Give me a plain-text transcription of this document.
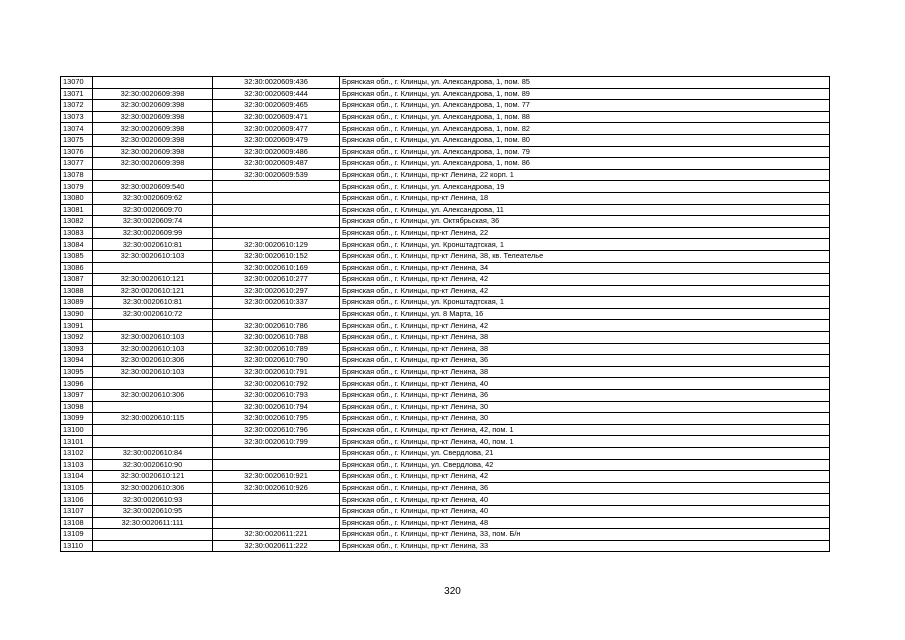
13070		32:30:0020609:436	Брянская обл., г. Клинцы, ул. Александрова, 1, пом. 85
13071	32:30:0020609:398	32:30:0020609:444	Брянская обл., г. Клинцы, ул. Александрова, 1, пом. 89
13072	32:30:0020609:398	32:30:0020609:465	Брянская обл., г. Клинцы, ул. Александрова, 1, пом. 77
13073	32:30:0020609:398	32:30:0020609:471	Брянская обл., г. Клинцы, ул. Александрова, 1, пом. 88
13074	32:30:0020609:398	32:30:0020609:477	Брянская обл., г. Клинцы, ул. Александрова, 1, пом. 82
13075	32:30:0020609:398	32:30:0020609:479	Брянская обл., г. Клинцы, ул. Александрова, 1, пом. 80
13076	32:30:0020609:398	32:30:0020609:486	Брянская обл., г. Клинцы, ул. Александрова, 1, пом. 79
13077	32:30:0020609:398	32:30:0020609:487	Брянская обл., г. Клинцы, ул. Александрова, 1, пом. 86
13078		32:30:0020609:539	Брянская обл., г. Клинцы, пр-кт Ленина, 22 корп. 1
13079	32:30:0020609:540		Брянская обл., г. Клинцы, ул. Александрова, 19
13080	32:30:0020609:62		Брянская обл., г. Клинцы, пр-кт Ленина, 18
13081	32:30:0020609:70		Брянская обл., г. Клинцы, ул. Александрова, 11
13082	32:30:0020609:74		Брянская обл., г. Клинцы, ул. Октябрьская, 36
13083	32:30:0020609:99		Брянская обл., г. Клинцы, пр-кт Ленина, 22
13084	32:30:0020610:81	32:30:0020610:129	Брянская обл., г. Клинцы, ул. Кронштадтская, 1
13085	32:30:0020610:103	32:30:0020610:152	Брянская обл., г. Клинцы, пр-кт Ленина, 38, кв. Телеателье
13086		32:30:0020610:169	Брянская обл., г. Клинцы, пр-кт Ленина, 34
13087	32:30:0020610:121	32:30:0020610:277	Брянская обл., г. Клинцы, пр-кт Ленина, 42
13088	32:30:0020610:121	32:30:0020610:297	Брянская обл., г. Клинцы, пр-кт Ленина, 42
13089	32:30:0020610:81	32:30:0020610:337	Брянская обл., г. Клинцы, ул. Кронштадтская, 1
13090	32:30:0020610:72		Брянская обл., г. Клинцы, ул. 8 Марта, 16
13091		32:30:0020610:786	Брянская обл., г. Клинцы, пр-кт Ленина, 42
13092	32:30:0020610:103	32:30:0020610:788	Брянская обл., г. Клинцы, пр-кт Ленина, 38
13093	32:30:0020610:103	32:30:0020610:789	Брянская обл., г. Клинцы, пр-кт Ленина, 38
13094	32:30:0020610:306	32:30:0020610:790	Брянская обл., г. Клинцы, пр-кт Ленина, 36
13095	32:30:0020610:103	32:30:0020610:791	Брянская обл., г. Клинцы, пр-кт Ленина, 38
13096		32:30:0020610:792	Брянская обл., г. Клинцы, пр-кт Ленина, 40
13097	32:30:0020610:306	32:30:0020610:793	Брянская обл., г. Клинцы, пр-кт Ленина, 36
13098		32:30:0020610:794	Брянская обл., г. Клинцы, пр-кт Ленина, 30
13099	32:30:0020610:115	32:30:0020610:795	Брянская обл., г. Клинцы, пр-кт Ленина, 30
13100		32:30:0020610:796	Брянская обл., г. Клинцы, пр-кт Ленина, 42, пом. 1
13101		32:30:0020610:799	Брянская обл., г. Клинцы, пр-кт Ленина, 40, пом. 1
13102	32:30:0020610:84		Брянская обл., г. Клинцы, ул. Свердлова, 21
13103	32:30:0020610:90		Брянская обл., г. Клинцы, ул. Свердлова, 42
13104	32:30:0020610:121	32:30:0020610:921	Брянская обл., г. Клинцы, пр-кт Ленина, 42
13105	32:30:0020610:306	32:30:0020610:926	Брянская обл., г. Клинцы, пр-кт Ленина, 36
13106	32:30:0020610:93		Брянская обл., г. Клинцы, пр-кт Ленина, 40
13107	32:30:0020610:95		Брянская обл., г. Клинцы, пр-кт Ленина, 40
13108	32:30:0020611:111		Брянская обл., г. Клинцы, пр-кт Ленина, 48
13109		32:30:0020611:221	Брянская обл., г. Клинцы, пр-кт Ленина, 33, пом. Б/н
13110		32:30:0020611:222	Брянская обл., г. Клинцы, пр-кт Ленина, 33
320
